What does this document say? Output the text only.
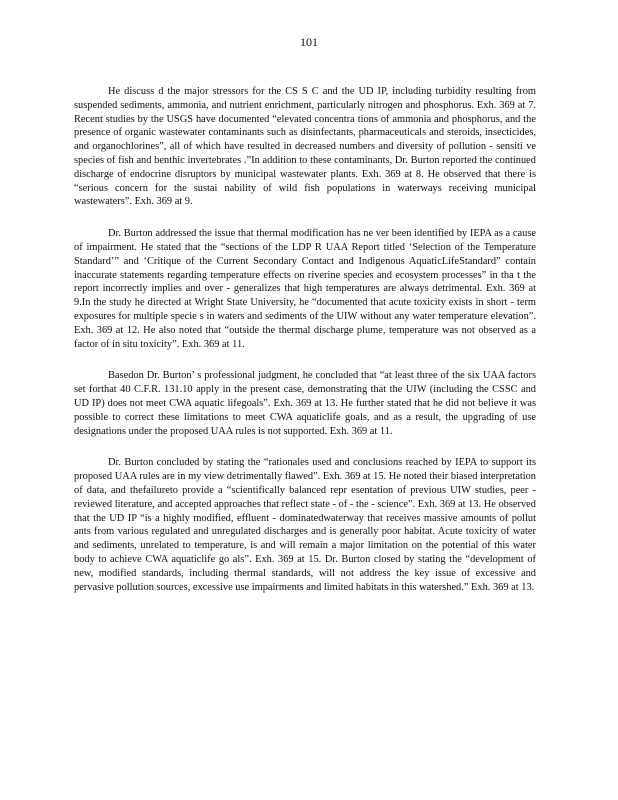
101

He discuss d the major stressors for the CS S C and the UD IP, including turbidity resulting from suspended sediments, ammonia, and nutrient enrichment, particularly nitrogen and phosphorus. Exh. 369 at 7. Recent studies by the USGS have documented “elevated concentra tions of ammonia and phosphorus, and the presence of organic wastewater contaminants such as disinfectants, pharmaceuticals and steroids, insecticides, and organochlorines”, all of which have resulted in decreased numbers and diversity of pollution - sensiti ve species of fish and benthic invertebrates .”In addition to these contaminants, Dr. Burton reported the continued discharge of endocrine disruptors by municipal wastewater plants. Exh. 369 at 8. He observed that there is “serious concern for the sustai nability of wild fish populations in waterways receiving municipal wastewaters”. Exh. 369 at 9.

Dr. Burton addressed the issue that thermal modification has ne ver been identified by IEPA as a cause of impairment. He stated that the “sections of the LDP R UAA Report titled ‘Selection of the Temperature Standard’” and ‘Critique of the Current Secondary Contact and Indigenous AquaticLifeStandard” contain inaccurate statements regarding temperature effects on riverine species and ecosystem processes” in tha t the report incorrectly implies and over - generalizes that high temperatures are always detrimental. Exh. 369 at 9.In the study he directed at Wright State University, he “documented that acute toxicity exists in short - term exposures for multiple specie s in waters and sediments of the UIW without any water temperature elevation”. Exh. 369 at 12. He also noted that “outside the thermal discharge plume, temperature was not observed as a factor of in situ toxicity”. Exh. 369 at 11.

Basedon Dr. Burton’ s professional judgment, he concluded that “at least three of the six UAA factors set forthat 40 C.F.R. 131.10 apply in the present case, demonstrating that the UIW (including the CSSC and UD IP) does not meet CWA aquatic lifegoals”. Exh. 369 at 13. He further stated that he did not believe it was possible to correct these limitations to meet CWA aquaticlife goals, and as a result, the upgrading of use designations under the proposed UAA rules is not supported. Exh. 369 at 11.

Dr. Burton concluded by stating the “rationales used and conclusions reached by IEPA to support its proposed UAA rules are in my view detrimentally flawed”. Exh. 369 at 15. He noted their biased interpretation of data, and thefailureto provide a “scientifically balanced repr esentation of previous UIW studies, peer - reviewed literature, and accepted approaches that reflect state - of - the - science”. Exh. 369 at 13. He observed that the UD IP “is a highly modified, effluent - dominatedwaterway that receives massive amounts of pollut ants from various regulated and unregulated discharges and is generally poor habitat. Acute toxicity of water and sediments, unrelated to temperature, is and will remain a major limitation on the potential of this water body to achieve CWA aquaticlife go als”. Exh. 369 at 15. Dr. Burton closed by stating the “development of new, modified standards, including thermal standards, will not address the key issue of excessive and pervasive pollution sources, excessive use impairments and limited habitats in this watershed.” Exh. 369 at 13.
